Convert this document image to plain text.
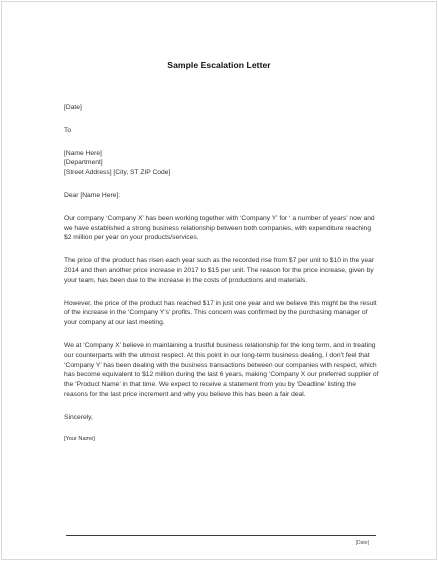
Sample Escalation Letter

[Date]

To

[Name Here]

[Department]

[Street Address] [City, ST ZIP Code]

Dear [Name Here]:

Our company ‘Company X’ has been working together with ‘Company Y’ for ‘ a number of years’ now and we have established a strong business relationship between both companies, with expenditure reaching $2 million per year on your products/services.

The price of the product has risen each year such as the recorded rise from $7 per unit to $10 in the year 2014 and then another price increase in 2017 to $15 per unit. The reason for the price increase, given by your team, has been due to the increase in the costs of productions and materials.

However, the price of the product has reached $17 in just one year and we believe this might be the result of the increase in the ‘Company Y’s’ profits. This concern was confirmed by the purchasing manager of your company at our last meeting.

We at ‘Company X’ believe in maintaining a trustful business relationship for the long term, and in treating our counterparts with the utmost respect. At this point in our long-term business dealing, I don’t feel that ‘Company Y’ has been dealing with the business transactions between our companies with respect, which has become equivalent to $12 million during the last 6 years, making ‘Company X our preferred supplier of the ‘Product Name’ in that time. We expect to receive a statement from you by ‘Deadline’ listing the reasons for the last price increment and why you believe this has been a fair deal.

Sincerely,

[Your Name]

[Date]
